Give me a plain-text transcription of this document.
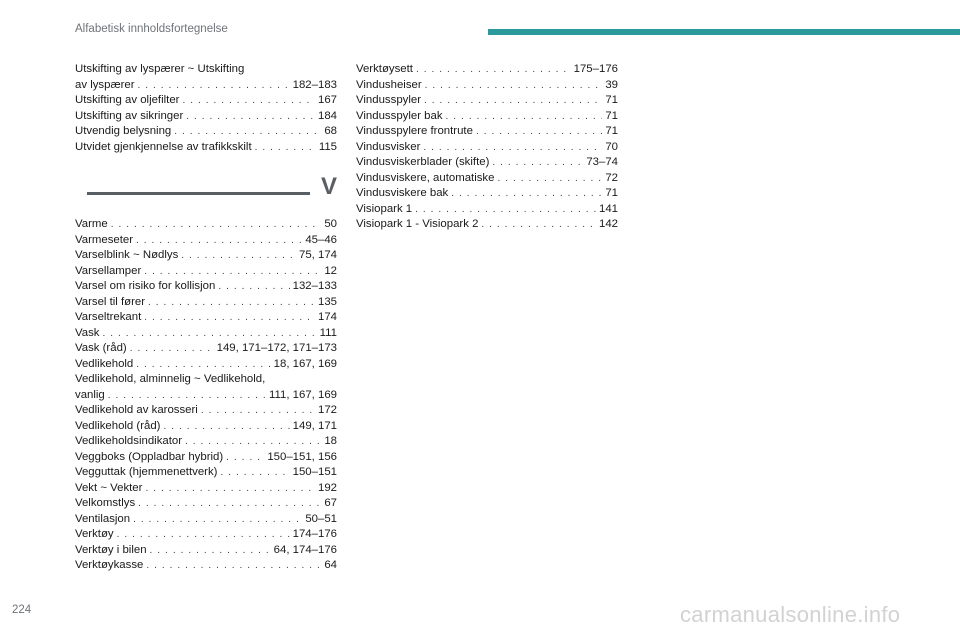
Alfabetisk innholdsfortegnelse
Utskifting av lyspærer ~ Utskifting
av lyspærer . . .	182–183
Utskifting av oljefilter . . .	167
Utskifting av sikringer . . .	184
Utvendig belysning . . .	68
Utvidet gjenkjennelse av trafikkskilt . . .	115
V
Varme . . .	50
Varmeseter . . .	45–46
Varselblink ~ Nødlys . . .	75, 174
Varsellamper . . .	12
Varsel om risiko for kollisjon . . .	132–133
Varsel til fører . . .	135
Varseltrekant . . .	174
Vask . . .	111
Vask (råd) . . .	149, 171–172, 171–173
Vedlikehold . . .	18, 167, 169
Vedlikehold, alminnelig ~ Vedlikehold,
vanlig . . .	111, 167, 169
Vedlikehold av karosseri . . .	172
Vedlikehold (råd) . . .	149, 171
Vedlikeholdsindikator . . .	18
Veggboks (Oppladbar hybrid) . . .	150–151, 156
Vegguttak (hjemmenettverk) . . .	150–151
Vekt ~ Vekter . . .	192
Velkomstlys . . .	67
Ventilasjon . . .	50–51
Verktøy . . .	174–176
Verktøy i bilen . . .	64, 174–176
Verktøykasse . . .	64
Verktøysett . . .	175–176
Vindusheiser . . .	39
Vindusspyler . . .	71
Vindusspyler bak . . .	71
Vindusspylere frontrute . . .	71
Vindusvisker . . .	70
Vindusviskerblader (skifte) . . .	73–74
Vindusviskere, automatiske . . .	72
Vindusviskere bak . . .	71
Visiopark 1 . . .	141
Visiopark 1 - Visiopark 2 . . .	142
224	carmanualsonline.info
